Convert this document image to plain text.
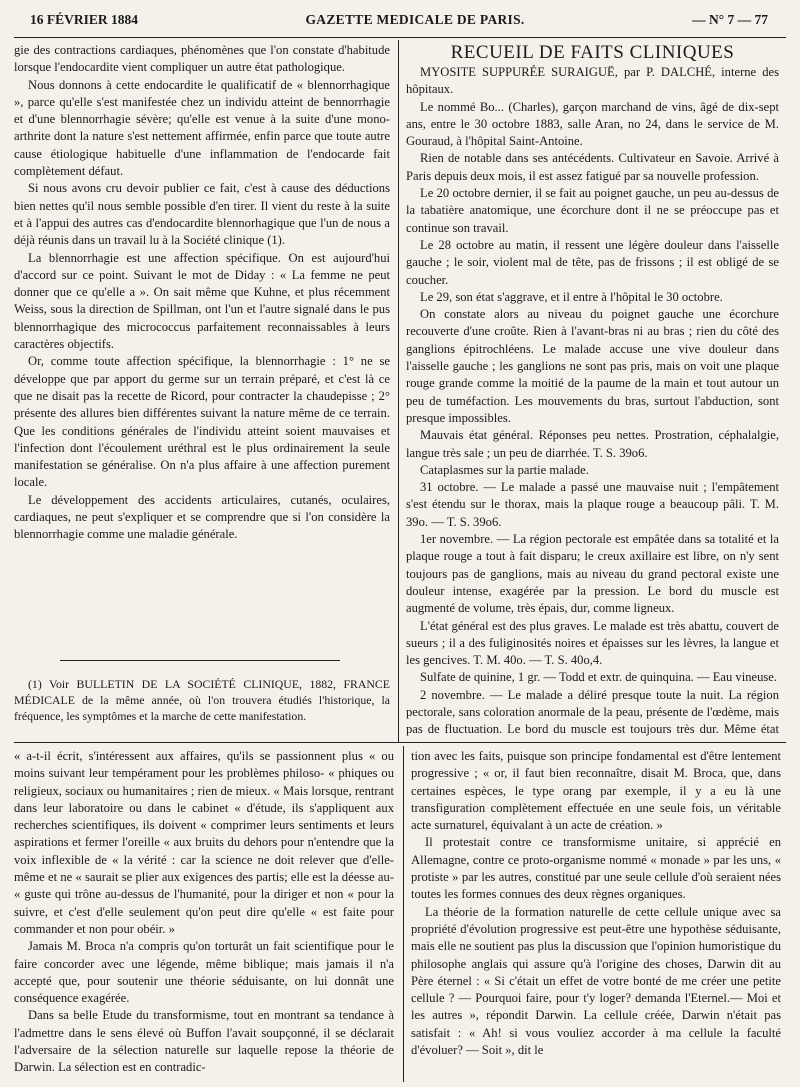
16 FÉVRIER 1884	GAZETTE MEDICALE DE PARIS.	— N° 7 — 77

gie des contractions cardiaques, phénomènes que l'on constate d'habitude lorsque l'endocardite vient compliquer un autre état pathologique.

Nous donnons à cette endocardite le qualificatif de « blennorrhagique », parce qu'elle s'est manifestée chez un individu atteint de bennorrhagie et d'une blennorrhagie sévère; qu'elle est venue à la suite d'une mono-arthrite dont la nature s'est nettement affirmée, enfin parce que toute autre cause étiologique habituelle d'une inflammation de l'endocarde fait complètement défaut.

Si nous avons cru devoir publier ce fait, c'est à cause des déductions bien nettes qu'il nous semble possible d'en tirer. Il vient du reste à la suite et à l'appui des autres cas d'endocardite blennorhagique que l'un de nous a déjà réunis dans un travail lu à la Société clinique (1).

La blennorrhagie est une affection spécifique. On est aujourd'hui d'accord sur ce point. Suivant le mot de Diday : « La femme ne peut donner que ce qu'elle a ». On sait même que Kuhne, et plus récemment Weiss, sous la direction de Spillman, ont l'un et l'autre signalé dans le pus blennorrhagique des micrococcus parfaitement reconnaissables à leurs caractères objectifs.

Or, comme toute affection spécifique, la blennorrhagie : 1° ne se développe que par apport du germe sur un terrain préparé, et c'est là ce que ne disait pas la recette de Ricord, pour contracter la chaudepisse ; 2° présente des allures bien différentes suivant la nature même de ce terrain. Que les conditions générales de l'individu atteint soient mauvaises et l'infection dont l'écoulement uréthral est le plus ordinairement la seule manifestation se généralise. On n'a plus affaire à une affection purement locale.

Le développement des accidents articulaires, cutanés, oculaires, cardiaques, ne peut s'expliquer et se comprendre que si l'on considère la blennorrhagie comme une maladie générale.

(1) Voir BULLETIN DE LA SOCIÉTÉ CLINIQUE, 1882, FRANCE MÉDICALE de la même année, où l'on trouvera étudiés l'historique, la fréquence, les symptômes et la marche de cette manifestation.

RECUEIL DE FAITS CLINIQUES

MYOSITE SUPPURÉE SURAIGUË, par P. DALCHÉ, interne des hôpitaux.

Le nommé Bo... (Charles), garçon marchand de vins, âgé de dix-sept ans, entre le 30 octobre 1883, salle Aran, no 24, dans le service de M. Gouraud, à l'hôpital Saint-Antoine.

Rien de notable dans ses antécédents. Cultivateur en Savoie. Arrivé à Paris depuis deux mois, il est assez fatigué par sa nouvelle profession.

Le 20 octobre dernier, il se fait au poignet gauche, un peu au-dessus de la tabatière anatomique, une écorchure dont il ne se préoccupe pas et continue son travail.

Le 28 octobre au matin, il ressent une légère douleur dans l'aisselle gauche ; le soir, violent mal de tête, pas de frissons ; il est obligé de se coucher.

Le 29, son état s'aggrave, et il entre à l'hôpital le 30 octobre.

On constate alors au niveau du poignet gauche une écorchure recouverte d'une croûte. Rien à l'avant-bras ni au bras ; rien du côté des ganglions épitrochléens. Le malade accuse une vive douleur dans l'aisselle gauche ; les ganglions ne sont pas pris, mais on voit une plaque rouge grande comme la moitié de la paume de la main et tout autour un peu de tuméfaction. Les mouvements du bras, surtout l'abduction, sont presque impossibles.

Mauvais état général. Réponses peu nettes. Prostration, céphalalgie, langue très sale ; un peu de diarrhée. T. S. 39o6.

Cataplasmes sur la partie malade.

31 octobre. — Le malade a passé une mauvaise nuit ; l'empâtement s'est étendu sur le thorax, mais la plaque rouge a beaucoup pâli. T. M. 39o. — T. S. 39o6.

1er novembre. — La région pectorale est empâtée dans sa totalité et la plaque rouge a tout à fait disparu; le creux axillaire est libre, on n'y sent toujours pas de ganglions, mais au niveau du grand pectoral existe une douleur intense, exagérée par la pression. Le bord du muscle est augmenté de volume, très épais, dur, comme ligneux.

L'état général est des plus graves. Le malade est très abattu, couvert de sueurs ; il a des fuliginosités noires et épaisses sur les lèvres, la langue et les gencives. T. M. 40o. — T. S. 40o,4.

Sulfate de quinine, 1 gr. — Todd et extr. de quinquina. — Eau vineuse.

2 novembre. — Le malade a déliré presque toute la nuit. La région pectorale, sans coloration anormale de la peau, présente de l'œdème, mais pas de fluctuation. Le bord du muscle est toujours très dur. Même état

« a-t-il écrit, s'intéressent aux affaires, qu'ils se passionnent plus « ou moins suivant leur tempérament pour les problèmes philoso- « phiques ou religieux, sociaux ou humanitaires ; rien de mieux. « Mais lorsque, rentrant dans leur laboratoire ou dans le cabinet « d'étude, ils s'appliquent aux recherches scientifiques, ils doivent « comprimer leurs sentiments et leurs aspirations et fermer l'oreille « aux bruits du dehors pour n'entendre que la voix inflexible de « la vérité : car la science ne doit relever que d'elle-même et ne « saurait se plier aux exigences des partis; elle est la déesse au- « guste qui trône au-dessus de l'humanité, pour la diriger et non « pour la suivre, et c'est d'elle seulement qu'on peut dire qu'elle « est faite pour commander et non pour obéir. »

Jamais M. Broca n'a compris qu'on torturât un fait scientifique pour le faire concorder avec une légende, même biblique; mais jamais il n'a accepté que, pour soutenir une théorie séduisante, on lui donnât une conséquence exagérée.

Dans sa belle Etude du transformisme, tout en montrant sa tendance à l'admettre dans le sens élevé où Buffon l'avait soupçonné, il se déclarait l'adversaire de la sélection naturelle sur laquelle repose la théorie de Darwin. La sélection est en contradic-

tion avec les faits, puisque son principe fondamental est d'être lentement progressive ; « or, il faut bien reconnaître, disait M. Broca, que, dans certaines espèces, le type orang par exemple, il y a eu là une transfiguration complètement effectuée en une seule fois, un véritable acte surnaturel, équivalant à un acte de création. »

Il protestait contre ce transformisme unitaire, si apprécié en Allemagne, contre ce proto-organisme nommé « monade » par les uns, « protiste » par les autres, constitué par une seule cellule d'où seraient nées toutes les formes connues des deux règnes organiques.

La théorie de la formation naturelle de cette cellule unique avec sa propriété d'évolution progressive est peut-être une hypothèse séduisante, mais elle ne soutient pas plus la discussion que l'opinion humoristique du philosophe anglais qui assure qu'à l'origine des choses, Darwin dit au Père éternel : « Si c'était un effet de votre bonté de me créer une petite cellule ? — Pourquoi faire, pour t'y loger? demanda l'Eternel.— Moi et les autres », répondit Darwin. La cellule créée, Darwin n'était pas satisfait : « Ah! si vous vouliez accorder à ma cellule la faculté d'évoluer? — Soit », dit le
